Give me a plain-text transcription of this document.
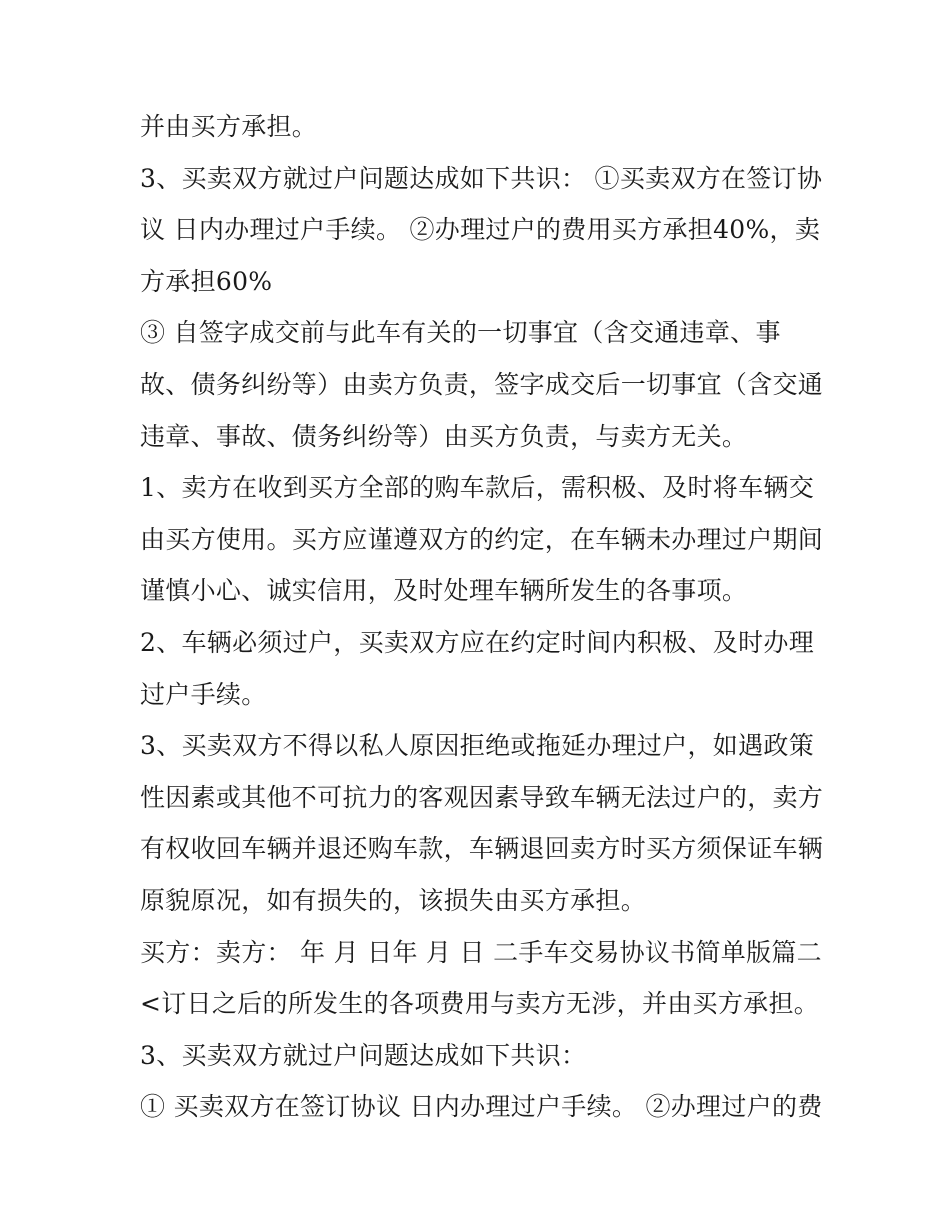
并由买方承担。
3、买卖双方就过户问题达成如下共识： ①买卖双方在签订协
议 日内办理过户手续。 ②办理过户的费用买方承担40%，卖
方承担60%
③ 自签字成交前与此车有关的一切事宜（含交通违章、事
故、债务纠纷等）由卖方负责，签字成交后一切事宜（含交通
违章、事故、债务纠纷等）由买方负责，与卖方无关。
1、卖方在收到买方全部的购车款后，需积极、及时将车辆交
由买方使用。买方应谨遵双方的约定，在车辆未办理过户期间
谨慎小心、诚实信用，及时处理车辆所发生的各事项。
2、车辆必须过户，买卖双方应在约定时间内积极、及时办理
过户手续。
3、买卖双方不得以私人原因拒绝或拖延办理过户，如遇政策
性因素或其他不可抗力的客观因素导致车辆无法过户的，卖方
有权收回车辆并退还购车款，车辆退回卖方时买方须保证车辆
原貌原况，如有损失的，该损失由买方承担。
买方：卖方： 年 月 日年 月 日 二手车交易协议书简单版篇二
<订日之后的所发生的各项费用与卖方无涉，并由买方承担。
3、买卖双方就过户问题达成如下共识：
① 买卖双方在签订协议 日内办理过户手续。 ②办理过户的费
